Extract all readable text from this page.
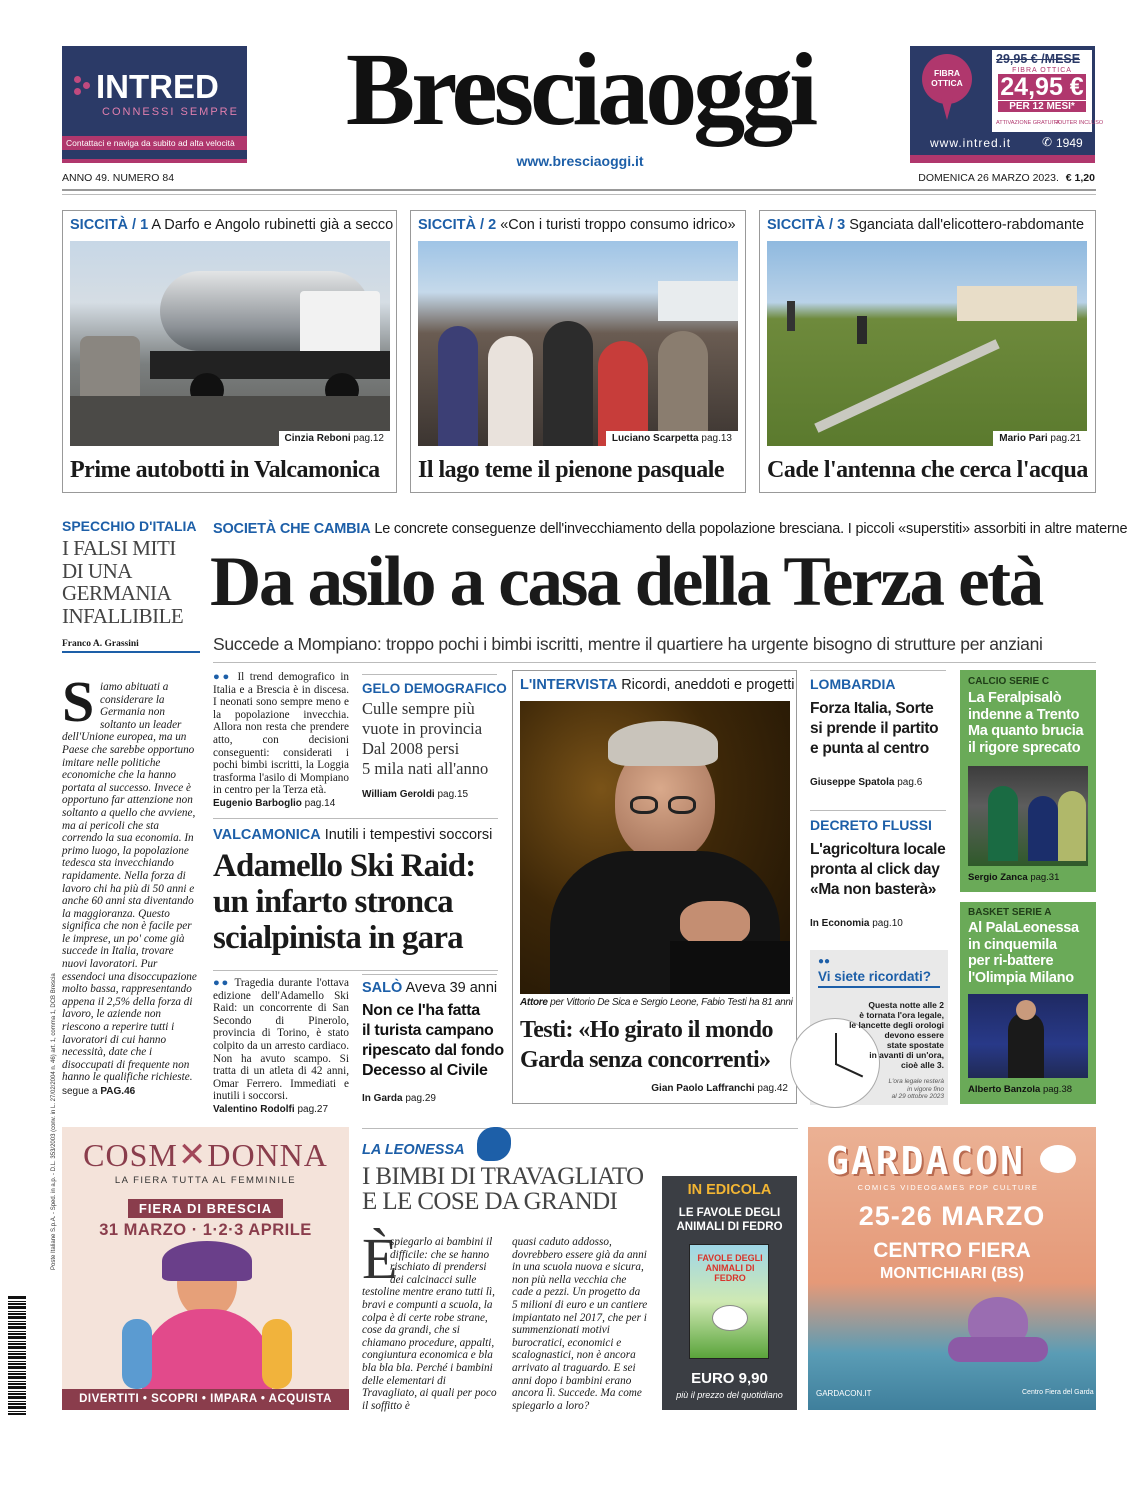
INTRED
CONNESSI SEMPRE
Contattaci e naviga da subito ad alta velocità	Bresciaoggi
www.bresciaoggi.it
FIBRA OTTICA
29,95 € /MESE
FIBRA OTTICA
24,95 €
PER 12 MESI*
ATTIVAZIONE GRATUITA
ROUTER INCLUSO
www.intred.it	✆ 1949
ANNO 49. NUMERO 84	DOMENICA 26 MARZO 2023. € 1,20
SICCITÀ / 1 A Darfo e Angolo rubinetti già a secco
Cinzia Reboni pag.12
Prime autobotti in Valcamonica
SICCITÀ / 2 «Con i turisti troppo consumo idrico»
Luciano Scarpetta pag.13
Il lago teme il pienone pasquale
SICCITÀ / 3 Sganciata dall'elicottero-rabdomante
Mario Pari pag.21
Cade l'antenna che cerca l'acqua
SPECCHIO D'ITALIA
I FALSI MITI
DI UNA
GERMANIA
INFALLIBILE
Franco A. Grassini
S iamo abituati a considerare la Germania non soltanto un leader dell'Unione europea, ma un Paese che sarebbe opportuno imitare nelle politiche economiche che la hanno portata al successo. Invece è opportuno far attenzione non soltanto a quello che avviene, ma ai pericoli che sta correndo la sua economia. In primo luogo, la popolazione tedesca sta invecchiando rapidamente. Nella forza di lavoro chi ha più di 50 anni e anche 60 anni sta diventando la maggioranza. Questo significa che non è facile per le imprese, un po' come già succede in Italia, trovare nuovi lavoratori. Pur essendoci una disoccupazione molto bassa, rappresentando appena il 2,5% della forza di lavoro, le aziende non riescono a reperire tutti i lavoratori di cui hanno necessità, date che i disoccupati di frequente non hanno le qualifiche richieste.
segue a PAG.46
SOCIETÀ CHE CAMBIA Le concrete conseguenze dell'invecchiamento della popolazione bresciana. I piccoli «superstiti» assorbiti in altre materne
Da asilo a casa della Terza età
Succede a Mompiano: troppo pochi i bimbi iscritti, mentre il quartiere ha urgente bisogno di strutture per anziani
●● Il trend demografico in Italia e a Brescia è in discesa. I neonati sono sempre meno e la popolazione invecchia. Allora non resta che prendere atto, con decisioni conseguenti: considerati i pochi bimbi iscritti, la Loggia trasforma l'asilo di Mompiano in centro per la Terza età.
Eugenio Barboglio pag.14
GELO DEMOGRAFICO
Culle sempre più
vuote in provincia
Dal 2008 persi
5 mila nati all'anno
William Geroldi pag.15
VALCAMONICA Inutili i tempestivi soccorsi
Adamello Ski Raid:
un infarto stronca
scialpinista in gara
●● Tragedia durante l'ottava edizione dell'Adamello Ski Raid: un concorrente di San Secondo di Pinerolo, provincia di Torino, è stato colpito da un arresto cardiaco. Non ha avuto scampo. Si tratta di un atleta di 42 anni, Omar Ferrero. Immediati e inutili i soccorsi.
Valentino Rodolfi pag.27
SALÒ Aveva 39 anni
Non ce l'ha fatta
il turista campano
ripescato dal fondo
Decesso al Civile
In Garda pag.29
L'INTERVISTA Ricordi, aneddoti e progetti
Attore per Vittorio De Sica e Sergio Leone, Fabio Testi ha 81 anni
Testi: «Ho girato il mondo
Garda senza concorrenti»
Gian Paolo Laffranchi pag.42
LOMBARDIA
Forza Italia, Sorte
si prende il partito
e punta al centro
Giuseppe Spatola pag.6
DECRETO FLUSSI
L'agricoltura locale
pronta al click day
«Ma non basterà»
In Economia pag.10
●●
Vi siete ricordati?
Questa notte alle 2
è tornata l'ora legale,
le lancette degli orologi
devono essere
state spostate
in avanti di un'ora,
cioè alle 3.
L'ora legale resterà
in vigore fino
al 29 ottobre 2023
CALCIO SERIE C
La Feralpisalò
indenne a Trento
Ma quanto brucia
il rigore sprecato
Sergio Zanca pag.31
BASKET SERIE A
Al PalaLeonessa
in cinquemila
per ri-battere
l'Olimpia Milano
Alberto Banzola pag.38
COSM✕DONNA
LA FIERA TUTTA AL FEMMINILE
FIERA DI BRESCIA
31 MARZO · 1·2·3 APRILE
DIVERTITI • SCOPRI • IMPARA • ACQUISTA
LA LEONESSA
I BIMBI DI TRAVAGLIATO
E LE COSE DA GRANDI
È
spiegarlo ai bambini il difficile: che se hanno rischiato di prendersi dei calcinacci sulle testoline mentre erano tutti lì, bravi e compunti a scuola, la colpa è di certe robe strane, cose da grandi, che si chiamano procedure, appalti, congiuntura economica e bla bla bla bla. Perché i bambini delle elementari di Travagliato, ai quali per poco il soffitto è
quasi caduto addosso, dovrebbero essere già da anni in una scuola nuova e sicura, non più nella vecchia che cade a pezzi. Un progetto da 5 milioni di euro e un cantiere impiantato nel 2017, che per i summenzionati motivi burocratici, economici e scalognastici, non è ancora arrivato al traguardo. E sei anni dopo i bambini erano ancora lì. Succede. Ma come spiegarlo a loro?
IN EDICOLA
LE FAVOLE DEGLI
ANIMALI DI FEDRO
FAVOLE DEGLI ANIMALI DI FEDRO
EURO 9,90
più il prezzo del quotidiano
GARDACON
COMICS VIDEOGAMES POP CULTURE
25-26 MARZO
CENTRO FIERA
MONTICHIARI (BS)
GARDACON.IT	Centro Fiera del Garda
Poste Italiane S.p.A. - Sped. in a.p. - D.L. 353/2003 (conv. in L. 27/02/2004 n. 46) art. 1, comma 1, DCB Brescia
